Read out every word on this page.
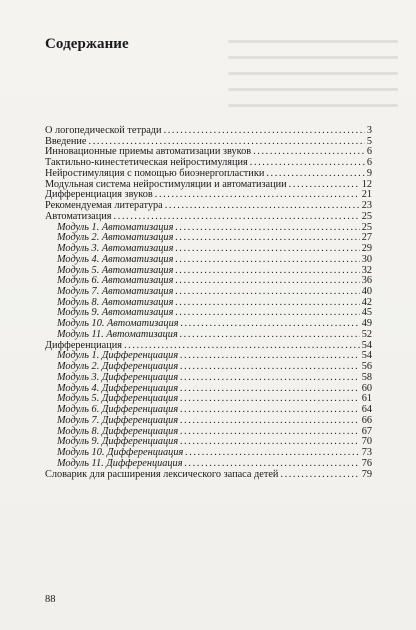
Содержание
О логопедической тетради .....	3
Введение .....	5
Инновационные приемы автоматизации звуков .....	6
Тактильно-кинестетическая нейростимуляция .....	6
Нейростимуляция с помощью биоэнергопластики .....	9
Модульная система нейростимуляции и автоматизации .....	12
Дифференциация звуков .....	21
Рекомендуемая литература .....	23
Автоматизация .....	25
Модуль 1. Автоматизация .....	25
Модуль 2. Автоматизация .....	27
Модуль 3. Автоматизация .....	29
Модуль 4. Автоматизация .....	30
Модуль 5. Автоматизация .....	32
Модуль 6. Автоматизация .....	36
Модуль 7. Автоматизация .....	40
Модуль 8. Автоматизация .....	42
Модуль 9. Автоматизация .....	45
Модуль 10. Автоматизация .....	49
Модуль 11. Автоматизация .....	52
Дифференциация .....	54
Модуль 1. Дифференциация .....	54
Модуль 2. Дифференциация .....	56
Модуль 3. Дифференциация .....	58
Модуль 4. Дифференциация .....	60
Модуль 5. Дифференциация .....	61
Модуль 6. Дифференциация .....	64
Модуль 7. Дифференциация .....	66
Модуль 8. Дифференциация .....	67
Модуль 9. Дифференциация .....	70
Модуль 10. Дифференциация .....	73
Модуль 11. Дифференциация .....	76
Словарик для расширения лексического запаса детей .....	79
88
